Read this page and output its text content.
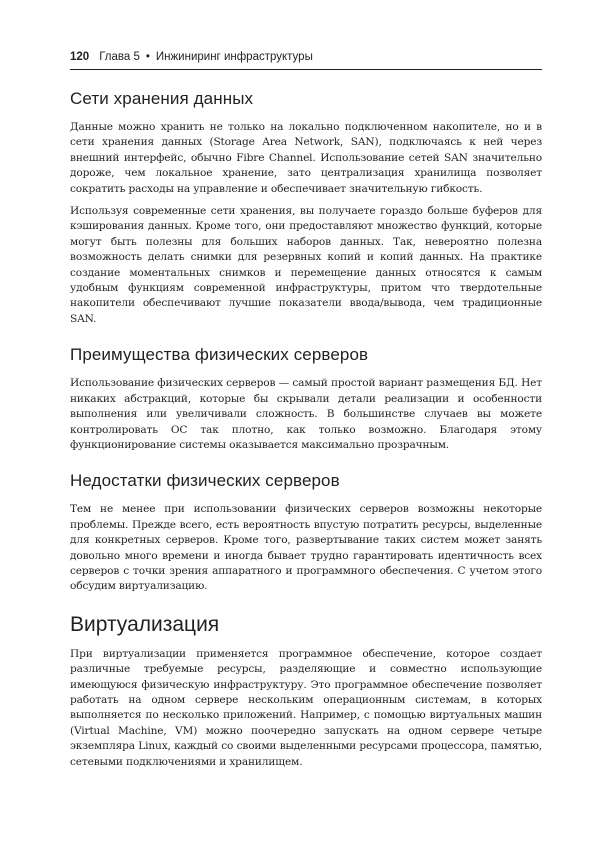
120 Глава 5 • Инжиниринг инфраструктуры
Сети хранения данных

Данные можно хранить не только на локально подключенном накопителе, но и в сети хранения данных (Storage Area Network, SAN), подключаясь к ней через внешний интерфейс, обычно Fibre Channel. Использование сетей SAN значительно дороже, чем локальное хранение, зато централизация хранилища позволяет сократить расходы на управление и обеспечивает значительную гибкость.

Используя современные сети хранения, вы получаете гораздо больше буферов для кэширования данных. Кроме того, они предоставляют множество функций, которые могут быть полезны для больших наборов данных. Так, невероятно полезна возможность делать снимки для резервных копий и копий данных. На практике создание моментальных снимков и перемещение данных относятся к самым удобным функциям современной инфраструктуры, притом что твердотельные накопители обеспечивают лучшие показатели ввода/вывода, чем традиционные SAN.

Преимущества физических серверов

Использование физических серверов — самый простой вариант размещения БД. Нет никаких абстракций, которые бы скрывали детали реализации и особенности выполнения или увеличивали сложность. В большинстве случаев вы можете контролировать ОС так плотно, как только возможно. Благодаря этому функционирование системы оказывается максимально прозрачным.

Недостатки физических серверов

Тем не менее при использовании физических серверов возможны некоторые проблемы. Прежде всего, есть вероятность впустую потратить ресурсы, выделенные для конкретных серверов. Кроме того, развертывание таких систем может занять довольно много времени и иногда бывает трудно гарантировать идентичность всех серверов с точки зрения аппаратного и программного обеспечения. С учетом этого обсудим виртуализацию.

Виртуализация

При виртуализации применяется программное обеспечение, которое создает различные требуемые ресурсы, разделяющие и совместно использующие имеющуюся физическую инфраструктуру. Это программное обеспечение позволяет работать на одном сервере нескольким операционным системам, в которых выполняется по несколько приложений. Например, с помощью виртуальных машин (Virtual Machine, VM) можно поочередно запускать на одном сервере четыре экземпляра Linux, каждый со своими выделенными ресурсами процессора, памятью, сетевыми подключениями и хранилищем.
